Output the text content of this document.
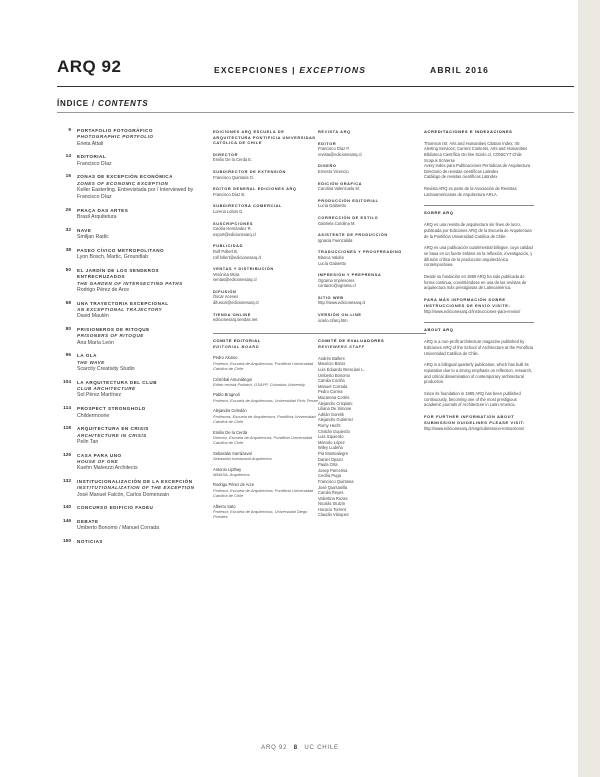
ARQ 92	EXCEPCIONES | EXCEPTIONS	ABRIL 2016
ÍNDICE / CONTENTS
9 PORTAFOLIO FOTOGRÁFICO
PHOTOGRAPHIC PORTFOLIO
Erieta Attali
14 EDITORIAL
Francisco Díaz
16 ZONAS DE EXCEPCIÓN ECONÓMICA
ZONES OF ECONOMIC EXCEPTION
Keller Easterling. Entrevistada por / Interviewed by Francisco Díaz
26 PRAÇA DAS ARTES
Brasil Arquitetura
32 NAVE
Smiljan Radic
38 PASEO CÍVICO METROPOLITANO
Lyon Bosch, Martic, Groundlab
50 EL JARDÍN DE LOS SENDEROS ENTRECRUZADOS
THE GARDEN OF INTERSECTING PATHS
Rodrigo Pérez de Arce
68 UNA TRAYECTORIA EXCEPCIONAL
AN EXCEPTIONAL TRAJECTORY
David Maulén
80 PRISIONEROS DE RITOQUE
PRISONERS OF RITOQUE
Ana María León
96 LA OLA
THE WAVE
Scarcity Creativity Studio
104 LA ARQUITECTURA DEL CLUB
CLUB ARCHITECTURE
Sol Pérez Martínez
114 PROSPECT STRONGHOLD
Childermoorie
118 ARQUITECTURA EN CRISIS
ARCHITECTURE IN CRISIS
Pelin Tan
126 CASA PARA UNO
HOUSE OF ONE
Kuehn Malvezzi Architects
132 INSTITUCIONALIZACIÓN DE LA EXCEPCIÓN
INSTITUTIONALIZATION OF THE EXCEPTION
José Manuel Falcón, Carlos Domenzain
140 CONCURSO EDIFICIO FADEU
146 DEBATE
Umberto Bonomo / Manuel Corrada
150 NOTICIAS
EDICIONES ARQ ESCUELA DE ARQUITECTURA PONTIFICIA UNIVERSIDAD CATÓLICA DE CHILE
DIRECTOR
Emilio De la Cerda E.
SUBDIRECTOR DE EXTENSIÓN
Francisco Quintana O.
EDITOR GENERAL EDICIONES ARQ
Francisco Díaz B.
SUBDIRECTORA COMERCIAL
Lorena Lobos G.
SUSCRIPCIONES
Cecilia Hernández R.
export@edicionesarq.cl
PUBLICIDAD
Rolf Pollert B.
rolf.follert@edicionesarq.cl
VENTAS Y DISTRIBUCIÓN
Verónica Mora
ventas@edicionesarq.cl
DIFUSIÓN
Óscar Aceves
difusion@edicionesarq.cl
TIENDA ONLINE
edicionesarq.tiendas.net
COMITÉ EDITORIAL
EDITORIAL BOARD
Pedro Alonso
Profesor, Escuela de Arquitectura, Pontificia Universidad Católica de Chile
Cristóbal Amunátegui
Editor revista Potlatch, GSAPP, Columbia University
Pablo Brugnoli
Profesor, Escuela de Arquitectura, Universidad Finis Terrae
Alejandra Celedón
Profesora, Escuela de Arquitectura, Pontificia Universidad Católica de Chile
Emilio De la Cerda
Director, Escuela de Arquitectura, Pontificia Universidad Católica de Chile
Sebastián Irarrázaval
Sebastián Irarrázaval Arquitectos
Antonio Lipthay
MMASA, Arquitectos
Rodrigo Pérez de Arce
Profesor, Escuela de Arquitectura, Pontificia Universidad Católica de Chile
Alberto Sato
Profesor, Escuela de Arquitectura, Universidad Diego Portales
REVISTA ARQ
EDITOR
Francisco Díaz P.
revista@edicionesarq.cl
DISEÑO
Ernesto Vicencio
EDICIÓN GRÁFICA
Carolina Valenzuela M.
PRODUCCIÓN EDITORIAL
Lucía Galaretto
CORRECCIÓN DE ESTILO
Gabriela Carolina M.
ASISTENTE DE PRODUCCIÓN
Ignacia Fuenzalida
TRADUCCIONES Y PROOFREADING
Blanca Valdés
Lucía Galaretto
IMPRESIÓN Y PREPRENSA
Ograma Impresores
contacto@ograma.cl
SITIO WEB
http://www.edicionesarq.cl
VERSIÓN ON-LINE
scielo.cl/arq.htm
COMITÉ DE EVALUADORES
REVIEWERS STAFF
Andrés Ballent
Mauricio Baros
Luis Eduardo Bresciani L.
Umberto Bonomo
Camila Cociña
Manuel Corrada
Pedro Correa
Macarena Cortés
Alejandro Crispiani
Liliana De Simone
Adrián Gorelik
Alejandro Gutiérrez
Romy Hecht
Cristián Izquierdo
Luis Izquierdo
Marcelo López
Wiley Ludeña
Pía Montealegre
Daniel Opazo
Paula Orta
Josep Parcerisa
Cecilia Puga
Francisco Quintana
José Quintanilla
Camila Reyes
Valentina Rozas
Nicolás Stutzin
Horacio Torrent
Claudio Vásquez
ACREDITACIONES E INDEXACIONES
Thomson ISI: Arts and Humanities Citation Index; ISI Alerting Services; Current Contents, Arts and Humanities
Biblioteca Científica On-line Scielo.cl, CONICYT Chile
Scopus SciVerse
Avery Index para Publicaciones Periódicas de Arquitectura
Directorio de revistas científicas Latindex
Catálogo de revistas científicas Latindex

Revista ARQ es parte de la Asociación de Revistas Latinoamericanas de Arquitectura ARLA.

SOBRE ARQ

ARQ es una revista de arquitectura sin fines de lucro, publicada por Ediciones ARQ de la Escuela de Arquitectura de la Pontificia Universidad Católica de Chile.

ARQ es una publicación cuatrimestral bilingüe, cuya calidad se basa en un fuerte énfasis en la reflexión, investigación, y difusión crítica de la producción arquitectónica contemporánea.

Desde su fundación en 1980 ARQ ha sido publicada de forma continua, convirtiéndose en una de las revistas de arquitectura más prestigiosas de Latinoamérica.

PARA MÁS INFORMACIÓN SOBRE INSTRUCCIONES DE ENVÍO VISITE:

http://www.edicionesarq.cl/instrucciones-para-envios/

ABOUT ARQ

ARQ is a non-profit architecture magazine published by Ediciones ARQ of the School of Architecture at the Pontificia Universidad Católica de Chile.

ARQ is a bilingual quarterly publication, which has built its reputation due to a strong emphasis on reflection, research, and critical dissemination of contemporary architectural production.

Since its foundation in 1980 ARQ has been published continuously, becoming one of the most prestigious academic journals of Architecture in Latin America.

FOR FURTHER INFORMATION ABOUT SUBMISSION GUIDELINES PLEASE VISIT:

http://www.edicionesarq.cl/eng/submission-instructions/

ARQ 92 8 UC CHILE
